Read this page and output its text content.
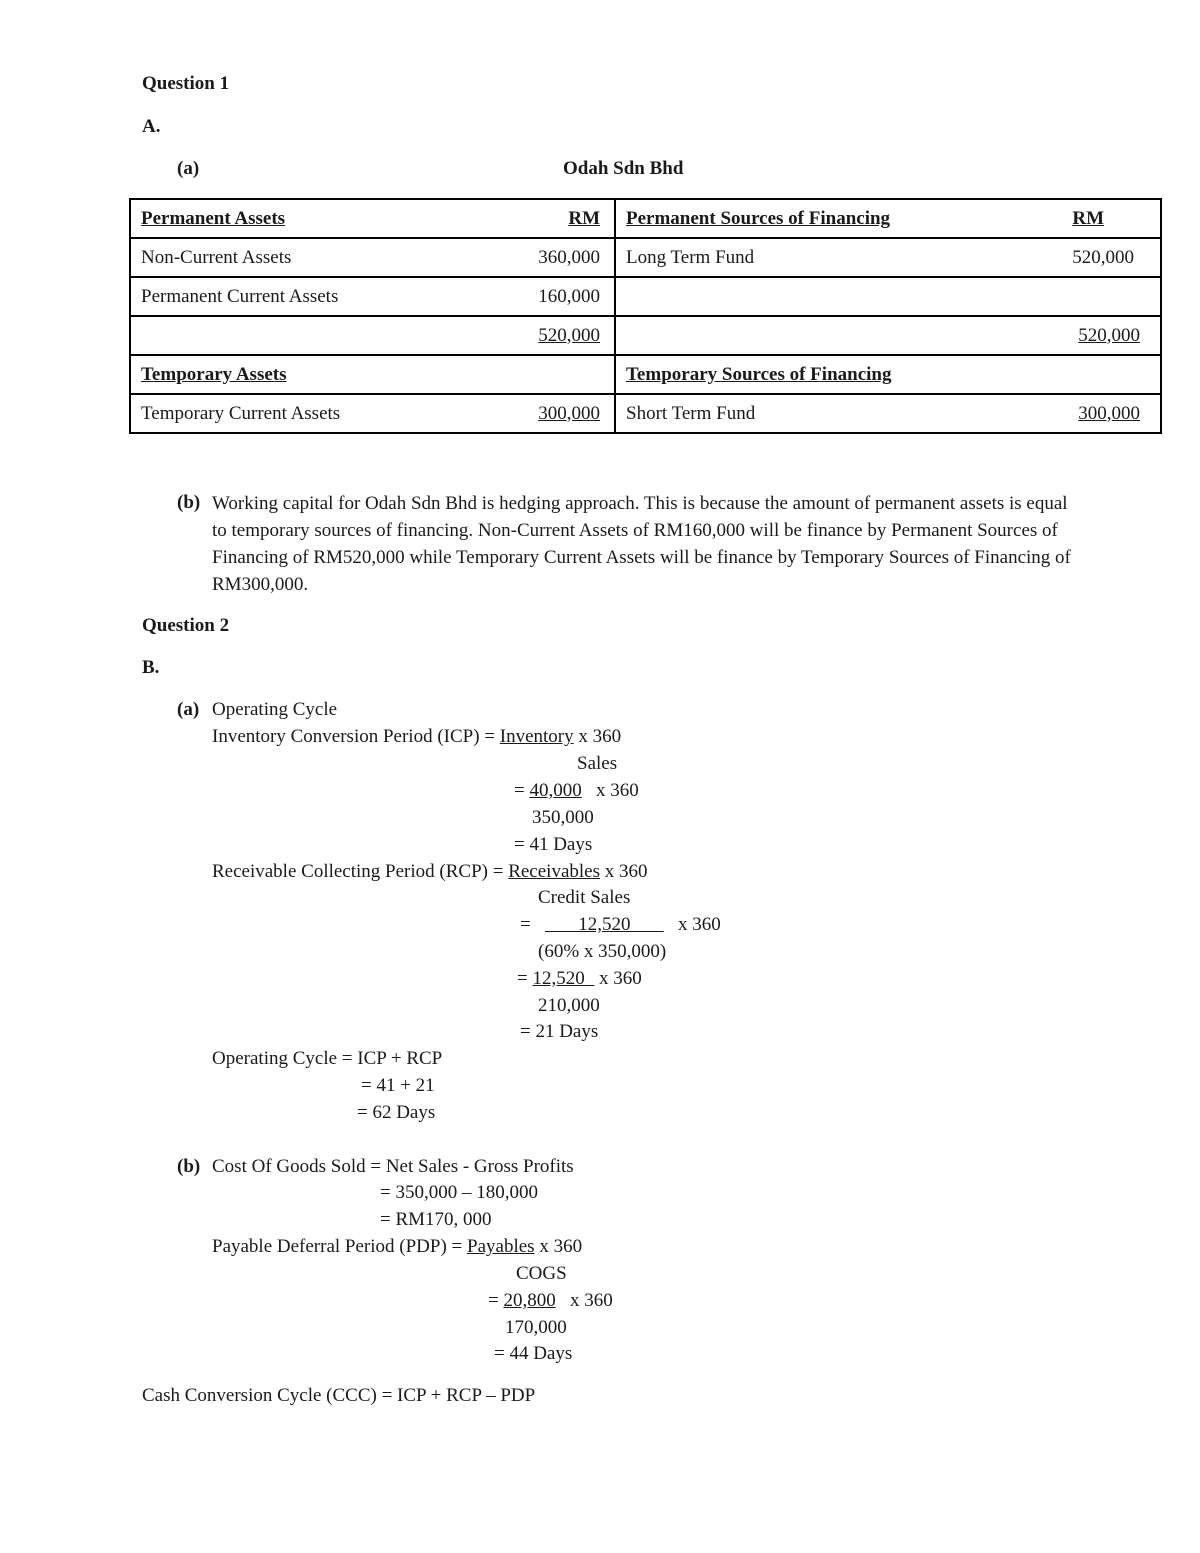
Question 1
A.
(a)	Odah Sdn Bhd
Permanent Assets RM	Permanent Sources of Financing RM

Non-Current Assets 360,000	Long Term Fund 520,000

Permanent Current Assets 160,000	

520,000	520,000

Temporary Assets	Temporary Sources of Financing

Temporary Current Assets 300,000	Short Term Fund 300,000
(b) Working capital for Odah Sdn Bhd is hedging approach. This is because the amount of permanent assets is equal to temporary sources of financing. Non-Current Assets of RM160,000 will be finance by Permanent Sources of Financing of RM520,000 while Temporary Current Assets will be finance by Temporary Sources of Financing of RM300,000.
Question 2
B.
(a) Operating Cycle
Inventory Conversion Period (ICP) = Inventory x 360
Sales
= 40,000   x 360
350,000
= 41 Days
Receivable Collecting Period (RCP) = Receivables x 360
Credit Sales
=          12,520          x 360
(60% x 350,000)
= 12,520   x 360
210,000
= 21 Days
Operating Cycle = ICP + RCP
= 41 + 21
= 62 Days
(b) Cost Of Goods Sold = Net Sales - Gross Profits
= 350,000 – 180,000
= RM170, 000
Payable Deferral Period (PDP) = Payables x 360
COGS
= 20,800   x 360
170,000
= 44 Days
Cash Conversion Cycle (CCC) = ICP + RCP – PDP
